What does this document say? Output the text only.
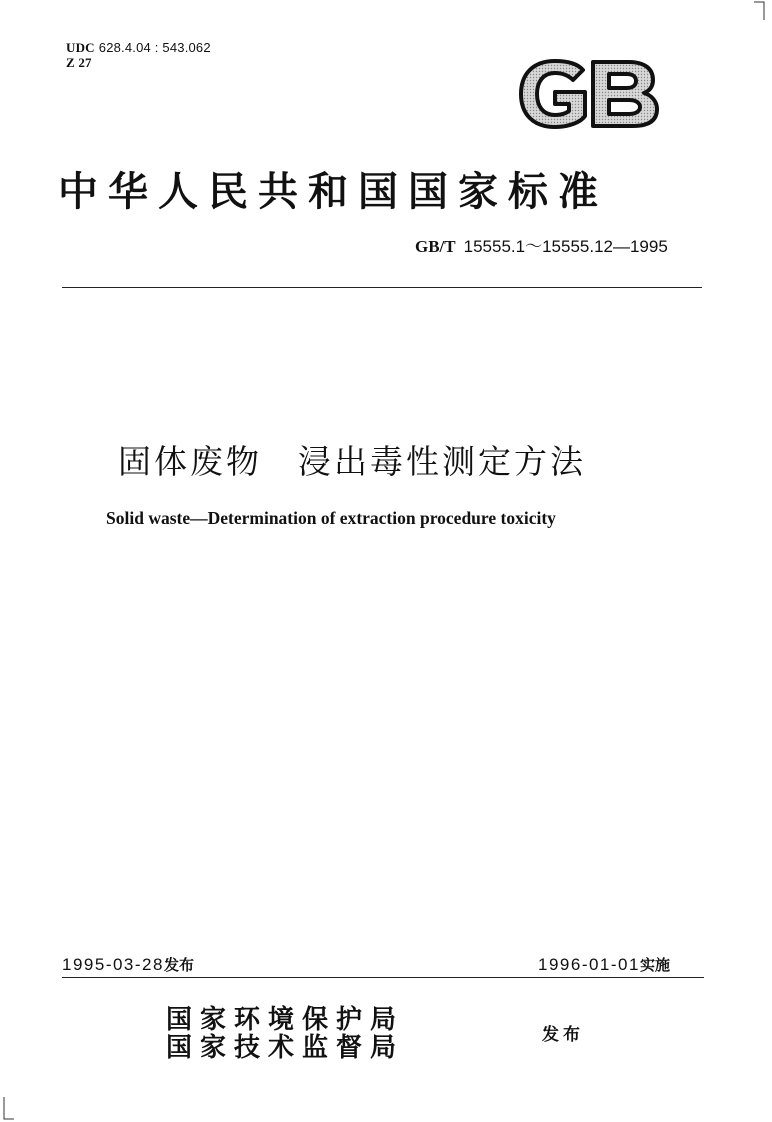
UDC 628.4.04 : 543.062
Z 27
中华人民共和国国家标准
GB/T 15555.1～15555.12—1995
固体废物　浸出毒性测定方法
Solid waste—Determination of extraction procedure toxicity
1995-03-28发布	1996-01-01实施
国家环境保护局
国家技术监督局	发布
